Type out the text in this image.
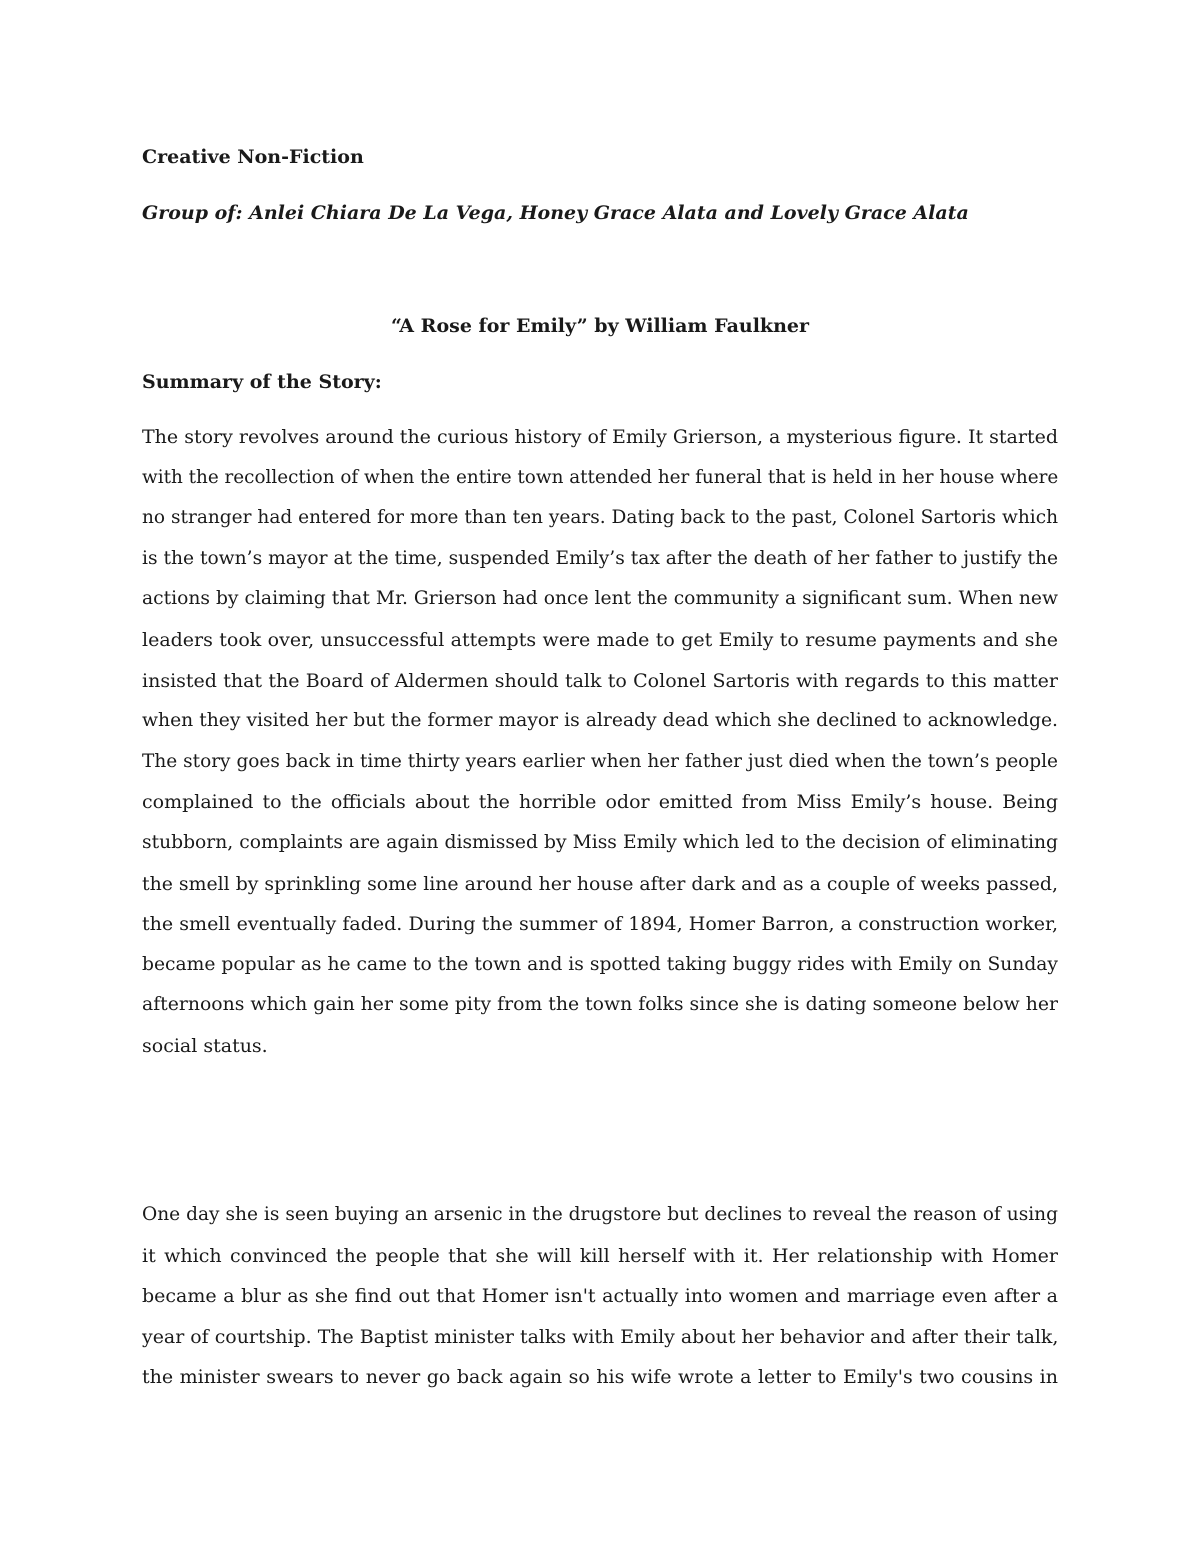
Creative Non-Fiction
Group of: Anlei Chiara De La Vega, Honey Grace Alata and Lovely Grace Alata
“A Rose for Emily” by William Faulkner
Summary of the Story:
The story revolves around the curious history of Emily Grierson, a mysterious figure. It started
with the recollection of when the entire town attended her funeral that is held in her house where
no stranger had entered for more than ten years. Dating back to the past, Colonel Sartoris which
is the town’s mayor at the time, suspended Emily’s tax after the death of her father to justify the
actions by claiming that Mr. Grierson had once lent the community a significant sum. When new
leaders took over, unsuccessful attempts were made to get Emily to resume payments and she
insisted that the Board of Aldermen should talk to Colonel Sartoris with regards to this matter
when they visited her but the former mayor is already dead which she declined to acknowledge.
The story goes back in time thirty years earlier when her father just died when the town’s people
complained to the officials about the horrible odor emitted from Miss Emily’s house. Being
stubborn, complaints are again dismissed by Miss Emily which led to the decision of eliminating
the smell by sprinkling some line around her house after dark and as a couple of weeks passed,
the smell eventually faded. During the summer of 1894, Homer Barron, a construction worker,
became popular as he came to the town and is spotted taking buggy rides with Emily on Sunday
afternoons which gain her some pity from the town folks since she is dating someone below her
social status.
One day she is seen buying an arsenic in the drugstore but declines to reveal the reason of using
it which convinced the people that she will kill herself with it. Her relationship with Homer
became a blur as she find out that Homer isn't actually into women and marriage even after a
year of courtship. The Baptist minister talks with Emily about her behavior and after their talk,
the minister swears to never go back again so his wife wrote a letter to Emily's two cousins in
